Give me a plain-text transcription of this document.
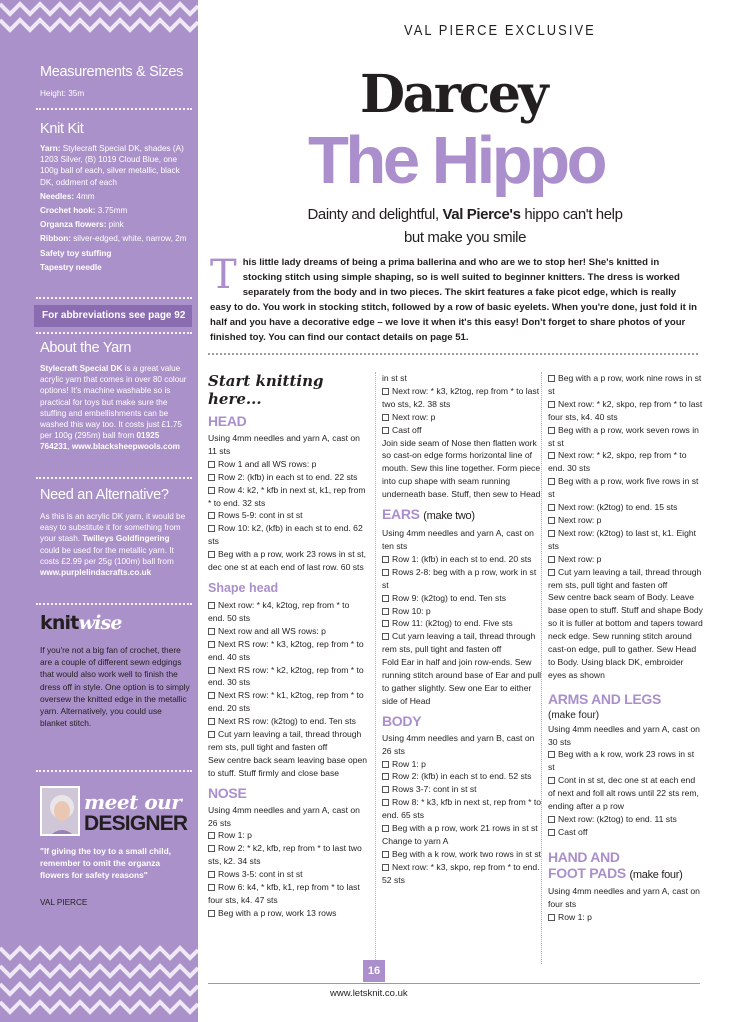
Measurements & Sizes
Height: 35m
Knit Kit
Yarn: Stylecraft Special DK, shades (A) 1203 Silver, (B) 1019 Cloud Blue, one 100g ball of each, silver metallic, black DK, oddment of each
Needles: 4mm
Crochet hook: 3.75mm
Organza flowers: pink
Ribbon: silver-edged, white, narrow, 2m
Safety toy stuffing
Tapestry needle
For abbreviations see page 92
About the Yarn
Stylecraft Special DK is a great value acrylic yarn that comes in over 80 colour options! It's machine washable so is practical for toys but make sure the stuffing and embellishments can be washed this way too. It costs just £1.75 per 100g (295m) ball from 01925 764231, www.blacksheepwools.com
Need an Alternative?
As this is an acrylic DK yarn, it would be easy to substitute it for something from your stash. Twilleys Goldfingering could be used for the metallic yarn. It costs £2.99 per 25g (100m) ball from www.purplelindacrafts.co.uk
knitwise
If you're not a big fan of crochet, there are a couple of different sewn edgings that would also work well to finish the dress off in style. One option is to simply oversew the knitted edge in the metallic yarn. Alternatively, you could use blanket stitch.
meet our
DESIGNER
"If giving the toy to a small child, remember to omit the organza flowers for safety reasons"
VAL PIERCE
VAL PIERCE EXCLUSIVE
Darcey
The Hippo
Dainty and delightful, Val Pierce's hippo can't help but make you smile
This little lady dreams of being a prima ballerina and who are we to stop her! She's knitted in stocking stitch using simple shaping, so is well suited to beginner knitters. The dress is worked separately from the body and in two pieces. The skirt features a fake picot edge, which is really easy to do. You work in stocking stitch, followed by a row of basic eyelets. When you're done, just fold it in half and you have a decorative edge – we love it when it's this easy! Don't forget to share photos of your finished toy. You can find our contact details on page 51.
Start knitting here...
HEAD
Using 4mm needles and yarn A, cast on 11 sts
Row 1 and all WS rows: p
Row 2: (kfb) in each st to end. 22 sts
Row 4: k2, * kfb in next st, k1, rep from * to end. 32 sts
Rows 5-9: cont in st st
Row 10: k2, (kfb) in each st to end. 62 sts
Beg with a p row, work 23 rows in st st, dec one st at each end of last row. 60 sts
Shape head
Next row: * k4, k2tog, rep from * to end. 50 sts
Next row and all WS rows: p
Next RS row: * k3, k2tog, rep from * to end. 40 sts
Next RS row: * k2, k2tog, rep from * to end. 30 sts
Next RS row: * k1, k2tog, rep from * to end. 20 sts
Next RS row: (k2tog) to end. Ten sts
Cut yarn leaving a tail, thread through rem sts, pull tight and fasten off
Sew centre back seam leaving base open to stuff. Stuff firmly and close base
NOSE
Using 4mm needles and yarn A, cast on 26 sts
Row 1: p
Row 2: * k2, kfb, rep from * to last two sts, k2. 34 sts
Rows 3-5: cont in st st
Row 6: k4, * kfb, k1, rep from * to last four sts, k4. 47 sts
Beg with a p row, work 13 rows
in st st
Next row: * k3, k2tog, rep from * to last two sts, k2. 38 sts
Next row: p
Cast off
Join side seam of Nose then flatten work so cast-on edge forms horizontal line of mouth. Sew this line together. Form piece into cup shape with seam running underneath base. Stuff, then sew to Head
EARS (make two)
Using 4mm needles and yarn A, cast on ten sts
Row 1: (kfb) in each st to end. 20 sts
Rows 2-8: beg with a p row, work in st st
Row 9: (k2tog) to end. Ten sts
Row 10: p
Row 11: (k2tog) to end. Five sts
Cut yarn leaving a tail, thread through rem sts, pull tight and fasten off
Fold Ear in half and join row-ends. Sew running stitch around base of Ear and pull to gather slightly. Sew one Ear to either side of Head
BODY
Using 4mm needles and yarn B, cast on 26 sts
Row 1: p
Row 2: (kfb) in each st to end. 52 sts
Rows 3-7: cont in st st
Row 8: * k3, kfb in next st, rep from * to end. 65 sts
Beg with a p row, work 21 rows in st st
Change to yarn A
Beg with a k row, work two rows in st st
Next row: * k3, skpo, rep from * to end. 52 sts
Beg with a p row, work nine rows in st st
Next row: * k2, skpo, rep from * to last four sts, k4. 40 sts
Beg with a p row, work seven rows in st st
Next row: * k2, skpo, rep from * to end. 30 sts
Beg with a p row, work five rows in st st
Next row: (k2tog) to end. 15 sts
Next row: p
Next row: (k2tog) to last st, k1. Eight sts
Next row: p
Cut yarn leaving a tail, thread through rem sts, pull tight and fasten off
Sew centre back seam of Body. Leave base open to stuff. Stuff and shape Body so it is fuller at bottom and tapers toward neck edge. Sew running stitch around cast-on edge, pull to gather. Sew Head to Body. Using black DK, embroider eyes as shown
ARMS AND LEGS
(make four)
Using 4mm needles and yarn A, cast on 30 sts
Beg with a k row, work 23 rows in st st
Cont in st st, dec one st at each end of next and foll alt rows until 22 sts rem, ending after a p row
Next row: (k2tog) to end. 11 sts
Cast off
HAND AND
FOOT PADS (make four)
Using 4mm needles and yarn A, cast on four sts
Row 1: p
16
www.letsknit.co.uk
